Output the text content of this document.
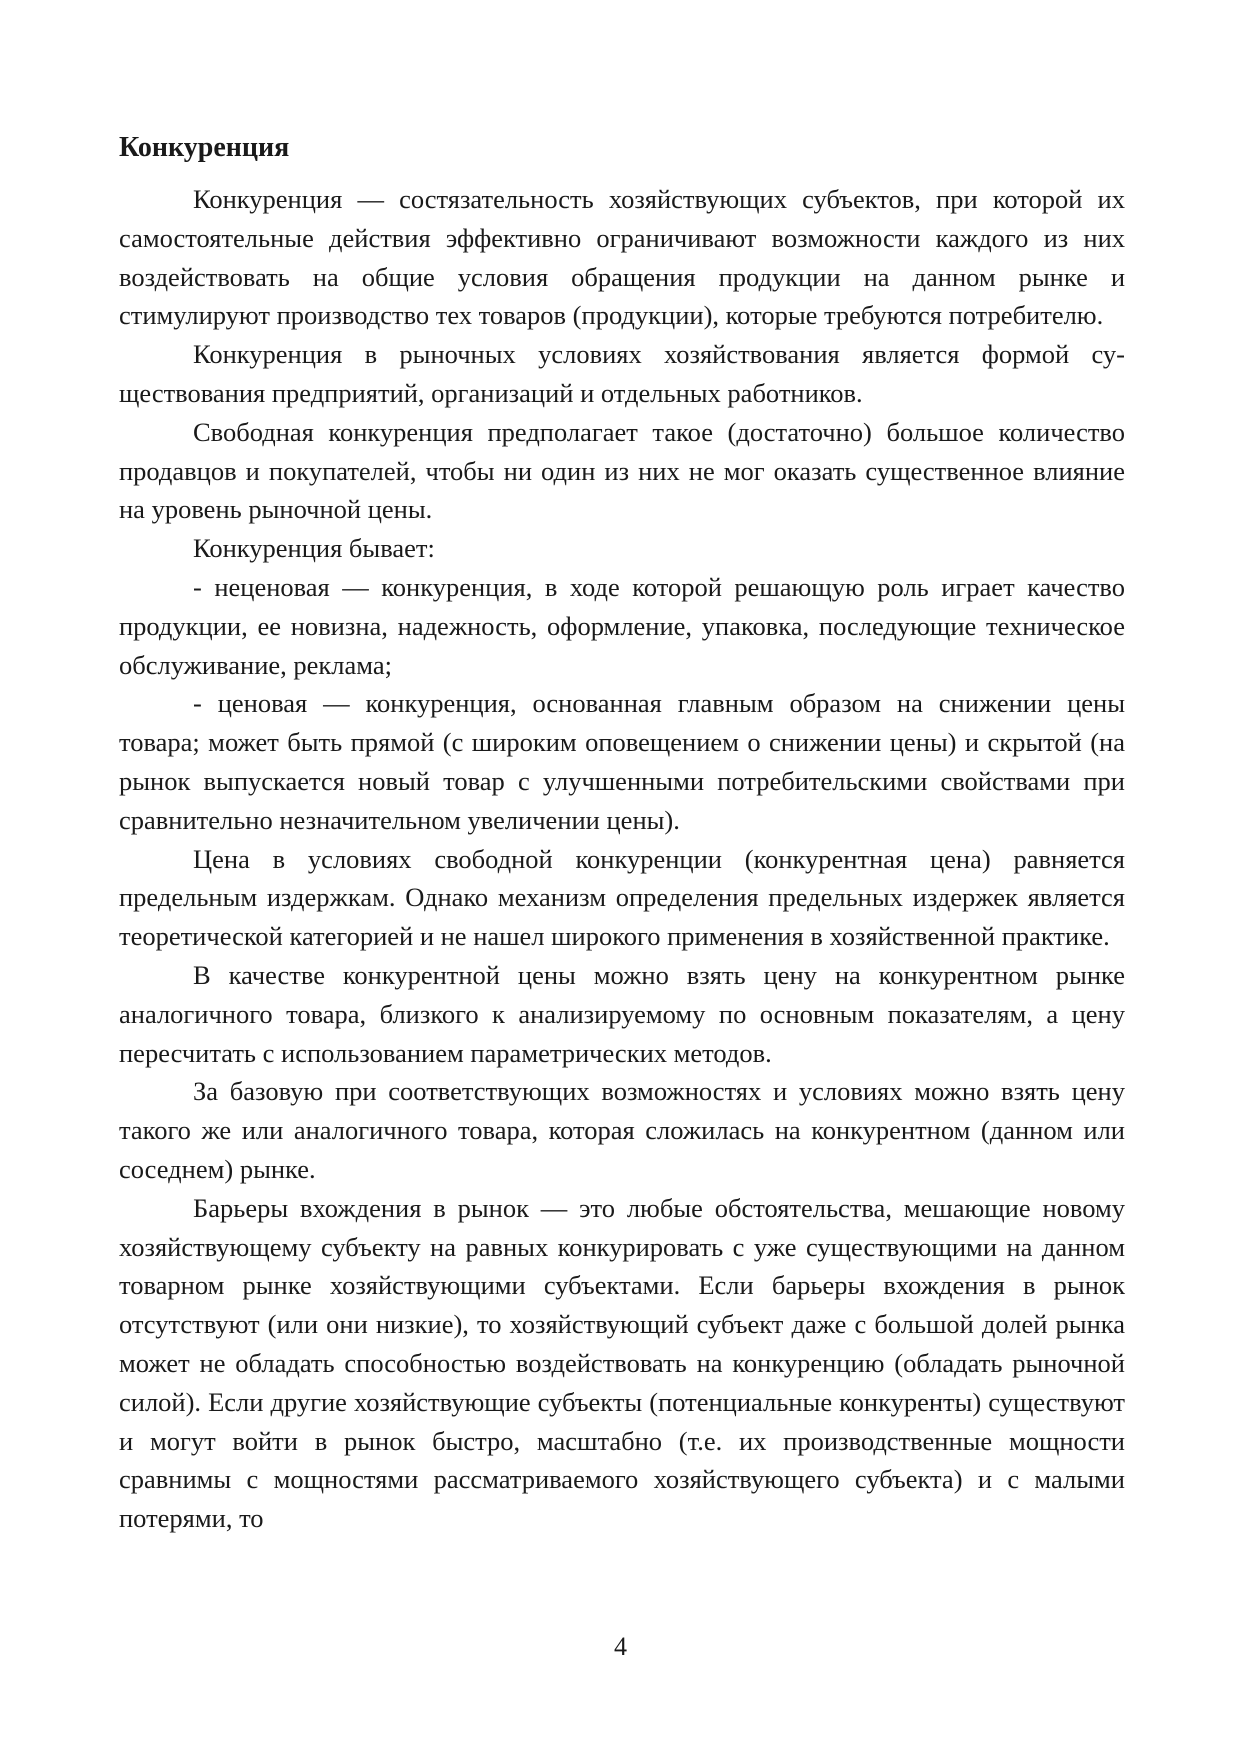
Конкуренция

Конкуренция — состязательность хозяйствующих субъектов, при которой их самостоятельные действия эффективно ограничивают возможности каждого из них воздействовать на общие условия обращения продукции на данном рынке и стимулируют производство тех товаров (продукции), которые требуются потребителю.

Конкуренция в рыночных условиях хозяйствования является формой существования предприятий, организаций и отдельных работников.

Свободная конкуренция предполагает такое (достаточно) большое количество продавцов и покупателей, чтобы ни один из них не мог оказать существенное влияние на уровень рыночной цены.

Конкуренция бывает:

- неценовая — конкуренция, в ходе которой решающую роль играет качество продукции, ее новизна, надежность, оформление, упаковка, последующие техническое обслуживание, реклама;

- ценовая — конкуренция, основанная главным образом на снижении цены товара; может быть прямой (с широким оповещением о снижении цены) и скрытой (на рынок выпускается новый товар с улучшенными потребительскими свойствами при сравнительно незначительном увеличении цены).

Цена в условиях свободной конкуренции (конкурентная цена) равняется предельным издержкам. Однако механизм определения предельных издержек является теоретической категорией и не нашел широкого применения в хозяйственной практике.

В качестве конкурентной цены можно взять цену на конкурентном рынке аналогичного товара, близкого к анализируемому по основным показателям, а цену пересчитать с использованием параметрических методов.

За базовую при соответствующих возможностях и условиях можно взять цену такого же или аналогичного товара, которая сложилась на конкурентном (данном или соседнем) рынке.

Барьеры вхождения в рынок — это любые обстоятельства, мешающие новому хозяйствующему субъекту на равных конкурировать с уже существующими на данном товарном рынке хозяйствующими субъектами. Если барьеры вхождения в рынок отсутствуют (или они низкие), то хозяйствующий субъект даже с большой долей рынка может не обладать способностью воздействовать на конкуренцию (обладать рыночной силой). Если другие хозяйствующие субъекты (потенциальные конкуренты) существуют и могут войти в рынок быстро, масштабно (т.е. их производственные мощности сравнимы с мощностями рассматриваемого хозяйствующего субъекта) и с малыми потерями, то

4
